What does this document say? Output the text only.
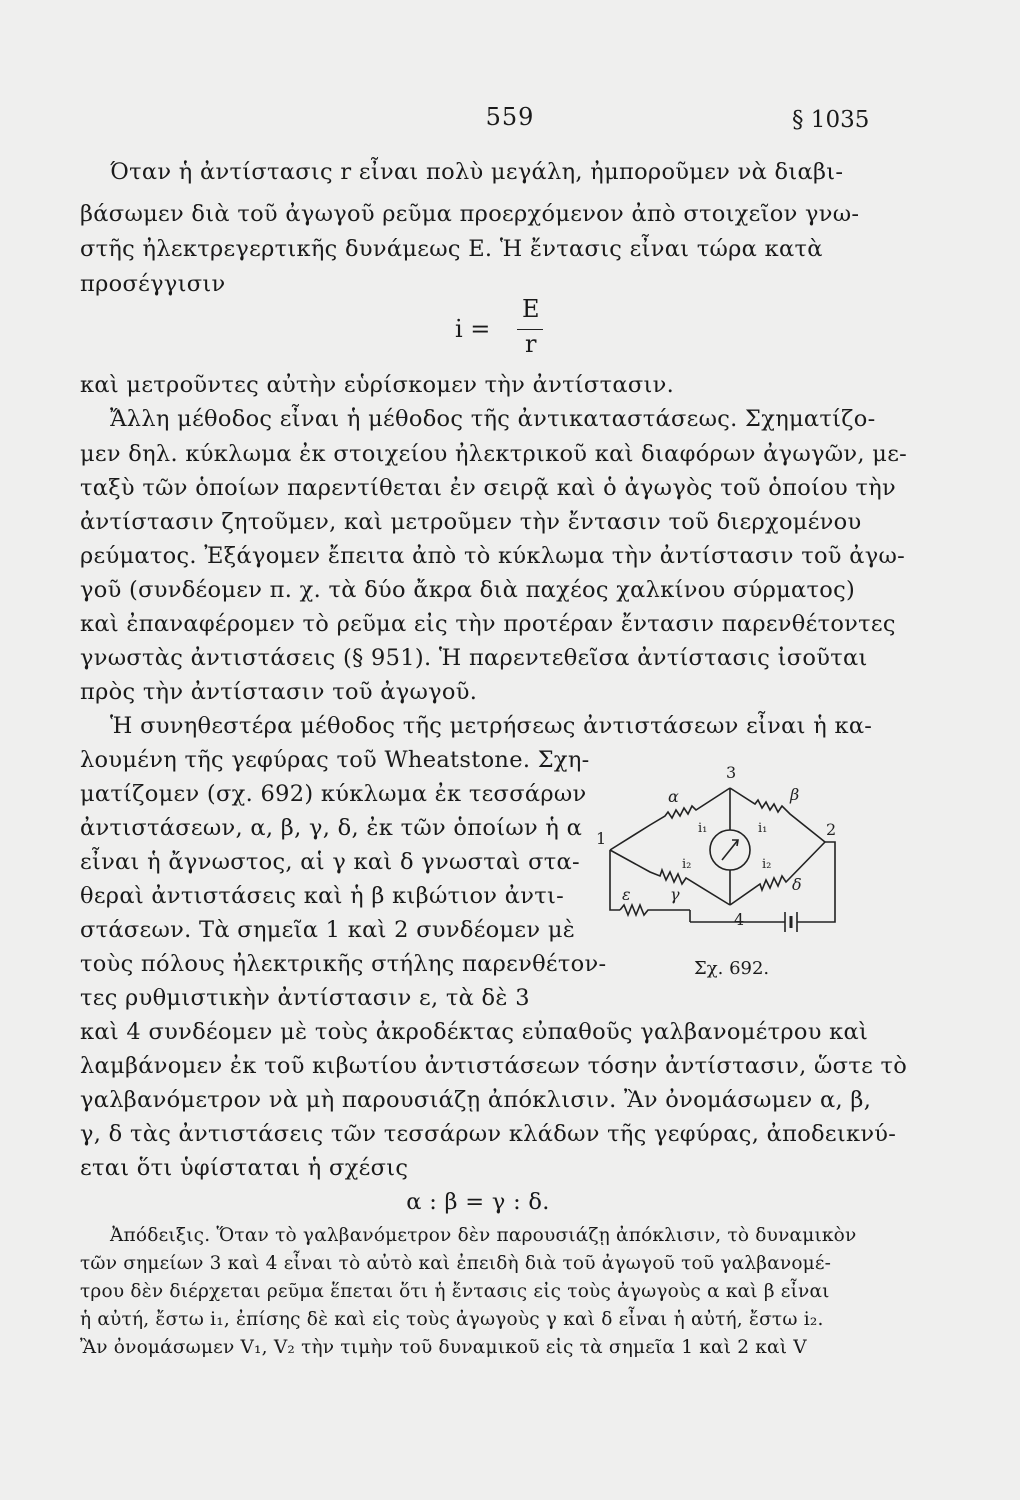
559	§ 1035
Όταν ἡ ἀντίστασις r εἶναι πολὺ μεγάλη, ἠμποροῦμεν νὰ διαβι-
βάσωμεν διὰ τοῦ ἀγωγοῦ ρεῦμα προερχόμενον ἀπὸ στοιχεῖον γνω-
στῆς ἠλεκτρεγερτικῆς δυνάμεως Ε. Ἡ ἔντασις εἶναι τώρα κατὰ
προσέγγισιν
i =
E
r
καὶ μετροῦντες αὐτὴν εὑρίσκομεν τὴν ἀντίστασιν.
Ἄλλη μέθοδος εἶναι ἡ μέθοδος τῆς ἀντικαταστάσεως. Σχηματίζο-
μεν δηλ. κύκλωμα ἐκ στοιχείου ἠλεκτρικοῦ καὶ διαφόρων ἀγωγῶν, με-
ταξὺ τῶν ὁποίων παρεντίθεται ἐν σειρᾷ καὶ ὁ ἀγωγὸς τοῦ ὁποίου τὴν
ἀντίστασιν ζητοῦμεν, καὶ μετροῦμεν τὴν ἔντασιν τοῦ διερχομένου
ρεύματος. Ἐξάγομεν ἔπειτα ἀπὸ τὸ κύκλωμα τὴν ἀντίστασιν τοῦ ἀγω-
γοῦ (συνδέομεν π. χ. τὰ δύο ἄκρα διὰ παχέος χαλκίνου σύρματος)
καὶ ἐπαναφέρομεν τὸ ρεῦμα εἰς τὴν προτέραν ἔντασιν παρενθέτοντες
γνωστὰς ἀντιστάσεις (§ 951). Ἡ παρεντεθεῖσα ἀντίστασις ἰσοῦται
πρὸς τὴν ἀντίστασιν τοῦ ἀγωγοῦ.
Ἡ συνηθεστέρα μέθοδος τῆς μετρήσεως ἀντιστάσεων εἶναι ἡ κα-
λουμένη τῆς γεφύρας τοῦ Wheatstone. Σχη-
ματίζομεν (σχ. 692) κύκλωμα ἐκ τεσσάρων
ἀντιστάσεων, α, β, γ, δ, ἐκ τῶν ὁποίων ἡ α
εἶναι ἡ ἄγνωστος, αἱ γ καὶ δ γνωσταὶ στα-
θεραὶ ἀντιστάσεις καὶ ἡ β κιβώτιον ἀντι-
στάσεων. Τὰ σημεῖα 1 καὶ 2 συνδέομεν μὲ
τοὺς πόλους ἠλεκτρικῆς στήλης παρενθέτον-
τες ρυθμιστικὴν ἀντίστασιν ε, τὰ δὲ 3
1	2
3
4
α	β
γ
δ
ε
i₁	i₁
i₂	i₂
Σχ. 692.
καὶ 4 συνδέομεν μὲ τοὺς ἀκροδέκτας εὐπαθοῦς γαλβανομέτρου καὶ
λαμβάνομεν ἐκ τοῦ κιβωτίου ἀντιστάσεων τόσην ἀντίστασιν, ὥστε τὸ
γαλβανόμετρον νὰ μὴ παρουσιάζῃ ἀπόκλισιν. Ἂν ὀνομάσωμεν α, β,
γ, δ τὰς ἀντιστάσεις τῶν τεσσάρων κλάδων τῆς γεφύρας, ἀποδεικνύ-
εται ὅτι ὑφίσταται ἡ σχέσις
α : β = γ : δ.
Ἀπόδειξις. Ὅταν τὸ γαλβανόμετρον δὲν παρουσιάζῃ ἀπόκλισιν, τὸ δυναμικὸν
τῶν σημείων 3 καὶ 4 εἶναι τὸ αὐτὸ καὶ ἐπειδὴ διὰ τοῦ ἀγωγοῦ τοῦ γαλβανομέ-
τρου δὲν διέρχεται ρεῦμα ἕπεται ὅτι ἡ ἔντασις εἰς τοὺς ἀγωγοὺς α καὶ β εἶναι
ἡ αὐτή, ἔστω i₁, ἐπίσης δὲ καὶ εἰς τοὺς ἀγωγοὺς γ καὶ δ εἶναι ἡ αὐτή, ἔστω i₂.
Ἂν ὀνομάσωμεν V₁, V₂ τὴν τιμὴν τοῦ δυναμικοῦ εἰς τὰ σημεῖα 1 καὶ 2 καὶ V
